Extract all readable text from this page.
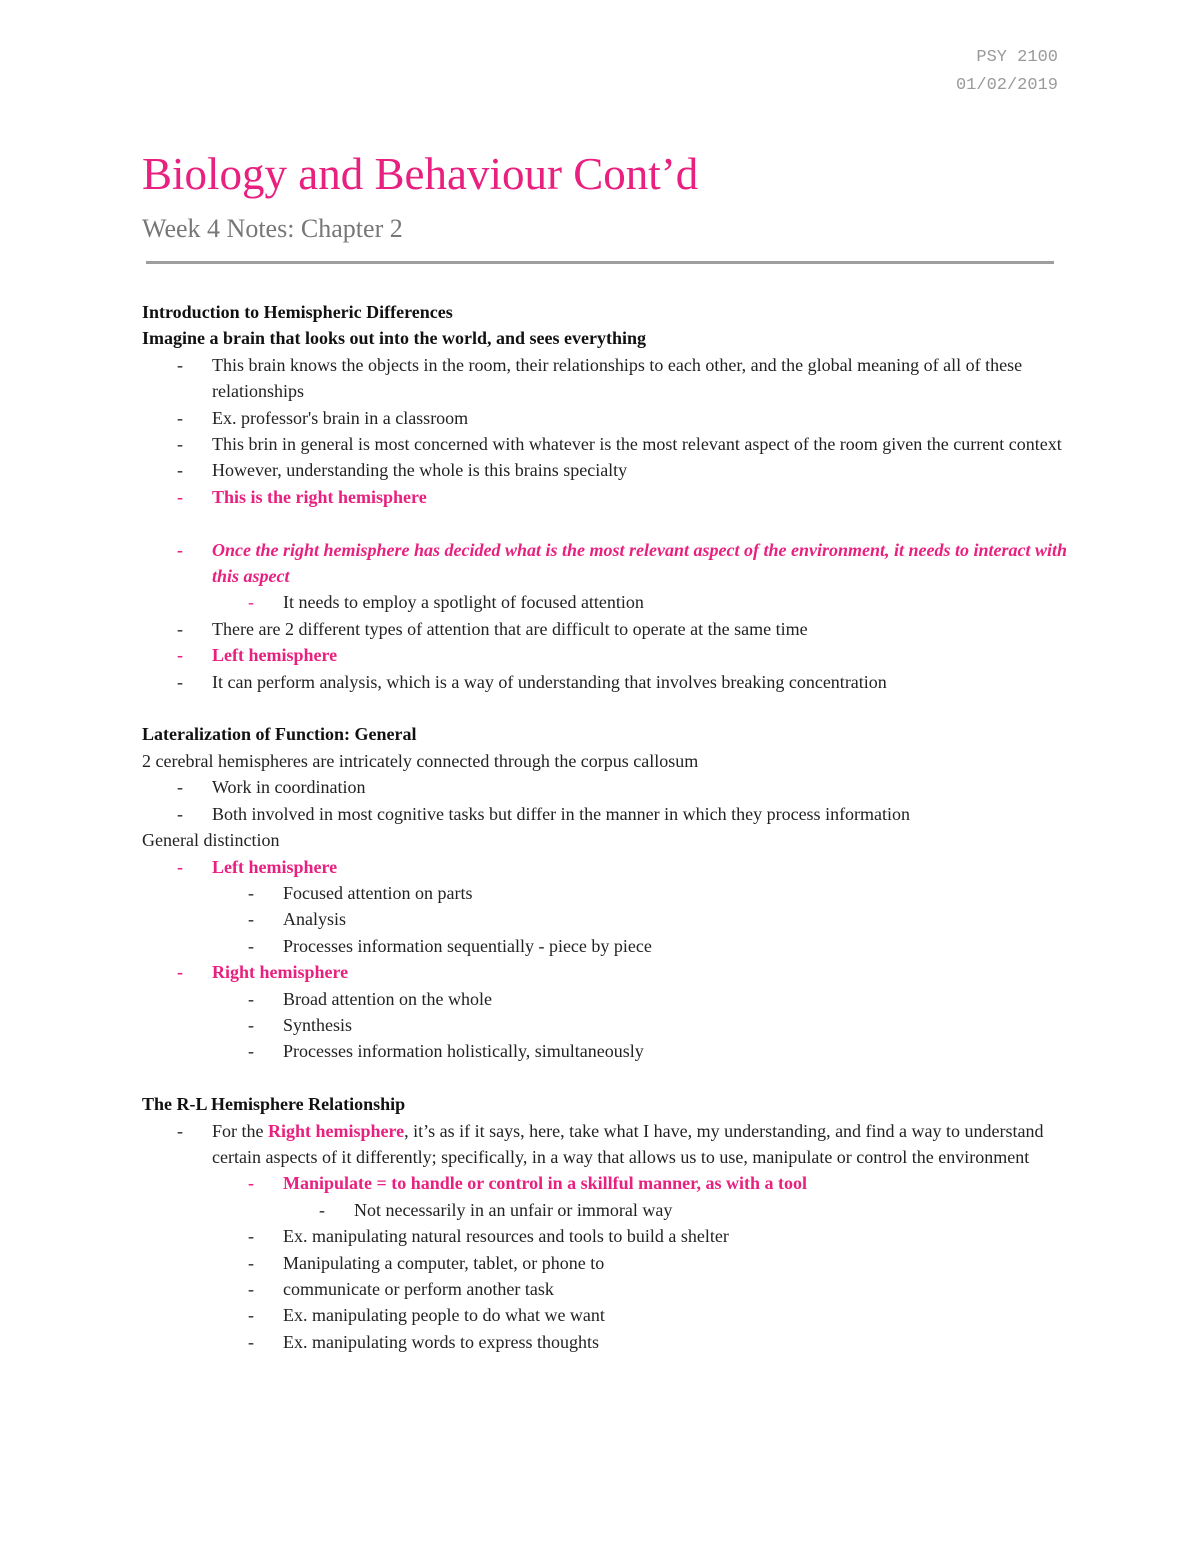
PSY 2100
01/02/2019
Biology and Behaviour Cont’d
Week 4 Notes: Chapter 2
Introduction to Hemispheric Differences
Imagine a brain that looks out into the world, and sees everything
-	This brain knows the objects in the room, their relationships to each other, and the global meaning of all of these relationships
-	Ex. professor's brain in a classroom
-	This brin in general is most concerned with whatever is the most relevant aspect of the room given the current context
-	However, understanding the whole is this brains specialty
-	This is the right hemisphere
-	Once the right hemisphere has decided what is the most relevant aspect of the environment, it needs to interact with this aspect
-	It needs to employ a spotlight of focused attention
-	There are 2 different types of attention that are difficult to operate at the same time
-	Left hemisphere
-	It can perform analysis, which is a way of understanding that involves breaking concentration
Lateralization of Function: General
2 cerebral hemispheres are intricately connected through the corpus callosum
-	Work in coordination
-	Both involved in most cognitive tasks but differ in the manner in which they process information
General distinction
-	Left hemisphere
-	Focused attention on parts
-	Analysis
-	Processes information sequentially - piece by piece
-	Right hemisphere
-	Broad attention on the whole
-	Synthesis
-	Processes information holistically, simultaneously
The R-L Hemisphere Relationship
-	For the Right hemisphere, it’s as if it says, here, take what I have, my understanding, and find a way to understand certain aspects of it differently; specifically, in a way that allows us to use, manipulate or control the environment
-	Manipulate = to handle or control in a skillful manner, as with a tool
-	Not necessarily in an unfair or immoral way
-	Ex. manipulating natural resources and tools to build a shelter
-	Manipulating a computer, tablet, or phone to
-	communicate or perform another task
-	Ex. manipulating people to do what we want
-	Ex. manipulating words to express thoughts
